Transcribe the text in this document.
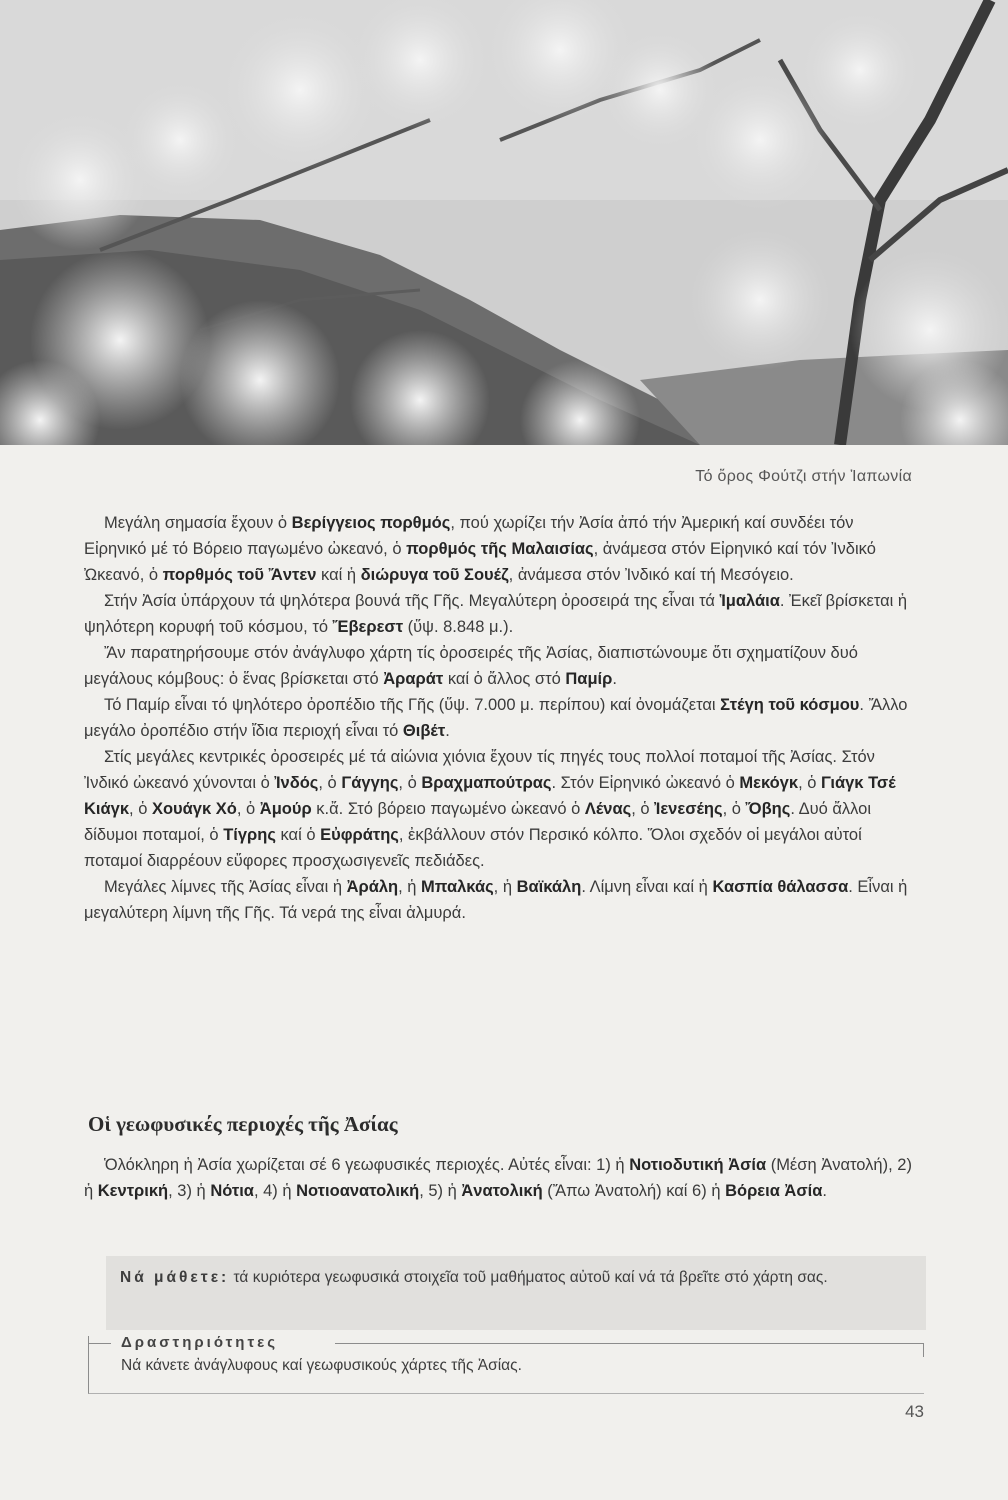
Τό ὄρος Φούτζι στήν Ἰαπωνία

Μεγάλη σημασία ἔχουν ὁ Βερίγγειος πορθμός, πού χωρίζει τήν Ἀσία ἀπό τήν Ἀμερική καί συνδέει τόν Εἰρηνικό μέ τό Βόρειο παγωμένο ὠκεανό, ὁ πορθμός τῆς Μαλαισίας, ἀνάμεσα στόν Εἰρηνικό καί τόν Ἰνδικό Ὠκεανό, ὁ πορθμός τοῦ Ἄντεν καί ἡ διώρυγα τοῦ Σουέζ, ἀνάμεσα στόν Ἰνδικό καί τή Μεσόγειο.

Στήν Ἀσία ὑπάρχουν τά ψηλότερα βουνά τῆς Γῆς. Μεγαλύτερη ὀροσειρά της εἶναι τά Ἱμαλάια. Ἐκεῖ βρίσκεται ἡ ψηλότερη κορυφή τοῦ κόσμου, τό Ἔβερεστ (ὕψ. 8.848 μ.).

Ἄν παρατηρήσουμε στόν ἀνάγλυφο χάρτη τίς ὀροσειρές τῆς Ἀσίας, διαπιστώνουμε ὅτι σχηματίζουν δυό μεγάλους κόμβους: ὁ ἕνας βρίσκεται στό Ἀραράτ καί ὁ ἄλλος στό Παμίρ.

Τό Παμίρ εἶναι τό ψηλότερο ὀροπέδιο τῆς Γῆς (ὕψ. 7.000 μ. περίπου) καί ὀνομάζεται Στέγη τοῦ κόσμου. Ἄλλο μεγάλο ὀροπέδιο στήν ἴδια περιοχή εἶναι τό Θιβέτ.

Στίς μεγάλες κεντρικές ὀροσειρές μέ τά αἰώνια χιόνια ἔχουν τίς πηγές τους πολλοί ποταμοί τῆς Ἀσίας. Στόν Ἰνδικό ὠκεανό χύνονται ὁ Ἰνδός, ὁ Γάγγης, ὁ Βραχμαπούτρας. Στόν Εἰρηνικό ὠκεανό ὁ Μεκόγκ, ὁ Γιάγκ Τσέ Κιάγκ, ὁ Χουάγκ Χό, ὁ Ἀμούρ κ.ἄ. Στό βόρειο παγωμένο ὠκεανό ὁ Λένας, ὁ Ἰενεσέης, ὁ Ὄβης. Δυό ἄλλοι δίδυμοι ποταμοί, ὁ Τίγρης καί ὁ Εὐφράτης, ἐκβάλλουν στόν Περσικό κόλπο. Ὅλοι σχεδόν οἱ μεγάλοι αὐτοί ποταμοί διαρρέουν εὔφορες προσχωσιγενεῖς πεδιάδες.

Μεγάλες λίμνες τῆς Ἀσίας εἶναι ἡ Ἀράλη, ἡ Μπαλκάς, ἡ Βαϊκάλη. Λίμνη εἶναι καί ἡ Κασπία θάλασσα. Εἶναι ἡ μεγαλύτερη λίμνη τῆς Γῆς. Τά νερά της εἶναι ἁλμυρά.

Οἱ γεωφυσικές περιοχές τῆς Ἀσίας

Ὁλόκληρη ἡ Ἀσία χωρίζεται σέ 6 γεωφυσικές περιοχές. Αὐτές εἶναι: 1) ἡ Νοτιοδυτική Ἀσία (Μέση Ἀνατολή), 2) ἡ Κεντρική, 3) ἡ Νότια, 4) ἡ Νοτιοανατολική, 5) ἡ Ἀνατολική (Ἄπω Ἀνατολή) καί 6) ἡ Βόρεια Ἀσία.

Νά μάθετε: τά κυριότερα γεωφυσικά στοιχεῖα τοῦ μαθήματος αὐτοῦ καί νά τά βρεῖτε στό χάρτη σας.
Δραστηριότητες
Νά κάνετε ἀνάγλυφους καί γεωφυσικούς χάρτες τῆς Ἀσίας.
43
